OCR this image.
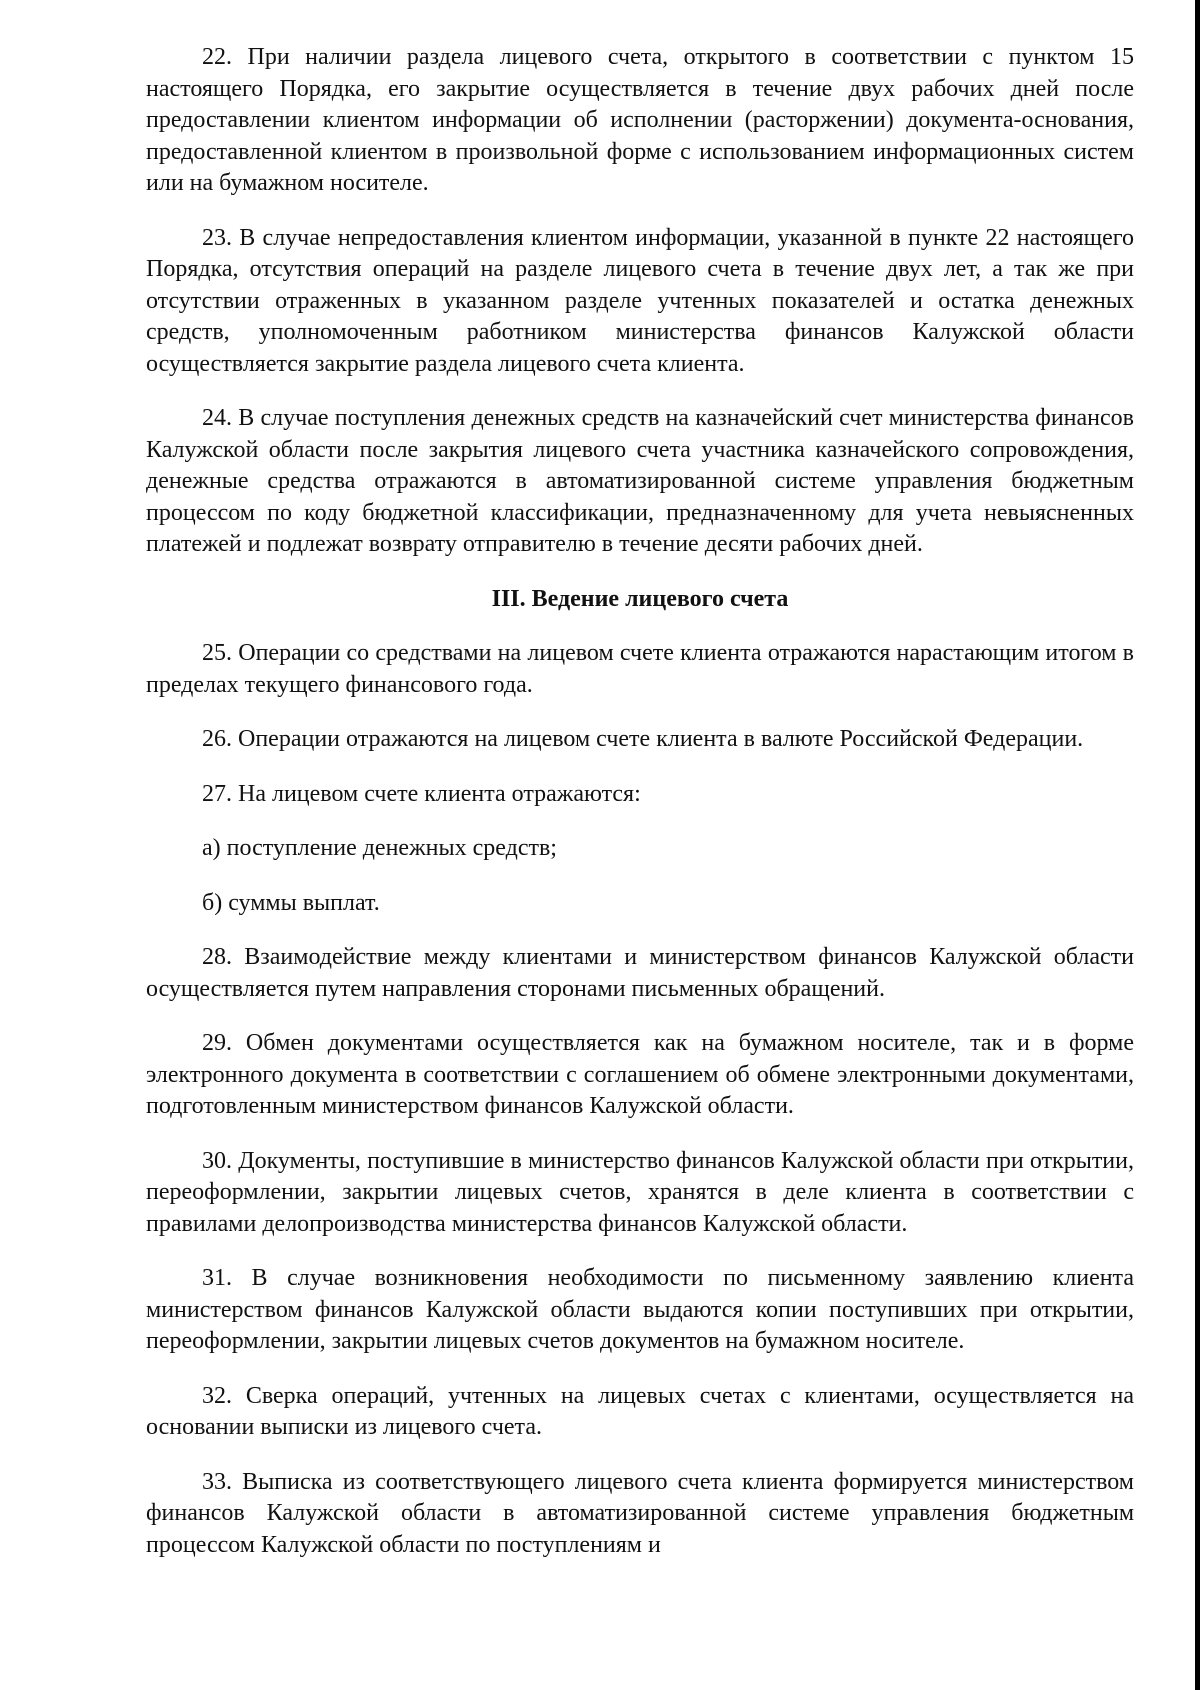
22. При наличии раздела лицевого счета, открытого в соответствии с пунктом 15 настоящего Порядка, его закрытие осуществляется в течение двух рабочих дней после предоставлении клиентом информации об исполнении (расторжении) документа-основания, предоставленной клиентом в произвольной форме с использованием информационных систем или на бумажном носителе.

23. В случае непредоставления клиентом информации, указанной в пункте 22 настоящего Порядка, отсутствия операций на разделе лицевого счета в течение двух лет, а так же при отсутствии отраженных в указанном разделе учтенных показателей и остатка денежных средств, уполномоченным работником министерства финансов Калужской области осуществляется закрытие раздела лицевого счета клиента.

24. В случае поступления денежных средств на казначейский счет министерства финансов Калужской области после закрытия лицевого счета участника казначейского сопровождения, денежные средства отражаются в автоматизированной системе управления бюджетным процессом по коду бюджетной классификации, предназначенному для учета невыясненных платежей и подлежат возврату отправителю в течение десяти рабочих дней.

III. Ведение лицевого счета

25. Операции со средствами на лицевом счете клиента отражаются нарастающим итогом в пределах текущего финансового года.

26. Операции отражаются на лицевом счете клиента в валюте Российской Федерации.

27. На лицевом счете клиента отражаются:

а) поступление денежных средств;

б) суммы выплат.

28. Взаимодействие между клиентами и министерством финансов Калужской области осуществляется путем направления сторонами письменных обращений.

29. Обмен документами осуществляется как на бумажном носителе, так и в форме электронного документа в соответствии с соглашением об обмене электронными документами, подготовленным министерством финансов Калужской области.

30. Документы, поступившие в министерство финансов Калужской области при открытии, переоформлении, закрытии лицевых счетов, хранятся в деле клиента в соответствии с правилами делопроизводства министерства финансов Калужской области.

31. В случае возникновения необходимости по письменному заявлению клиента министерством финансов Калужской области выдаются копии поступивших при открытии, переоформлении, закрытии лицевых счетов документов на бумажном носителе.

32. Сверка операций, учтенных на лицевых счетах с клиентами, осуществляется на основании выписки из лицевого счета.

33. Выписка из соответствующего лицевого счета клиента формируется министерством финансов Калужской области в автоматизированной системе управления бюджетным процессом Калужской области по поступлениям и
